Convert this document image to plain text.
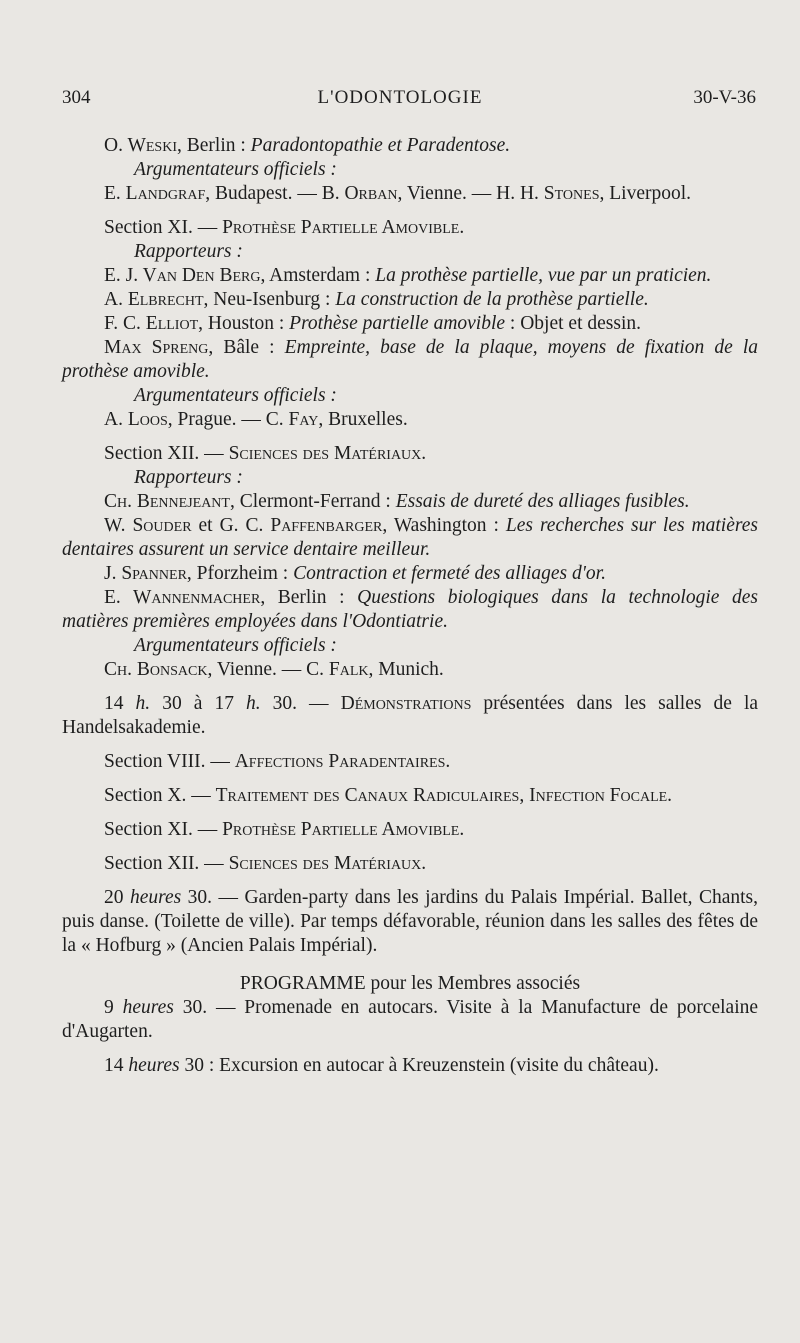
304	L'ODONTOLOGIE	30-V-36

O. Weski, Berlin : Paradontopathie et Paradentose.

Argumentateurs officiels :

E. Landgraf, Budapest. — B. Orban, Vienne. — H. H. Stones, Liverpool.

Section XI. — Prothèse Partielle Amovible.

Rapporteurs :

E. J. Van Den Berg, Amsterdam : La prothèse partielle, vue par un praticien.

A. Elbrecht, Neu-Isenburg : La construction de la prothèse partielle.

F. C. Elliot, Houston : Prothèse partielle amovible : Objet et dessin.

Max Spreng, Bâle : Empreinte, base de la plaque, moyens de fixation de la prothèse amovible.

Argumentateurs officiels :

A. Loos, Prague. — C. Fay, Bruxelles.

Section XII. — Sciences des Matériaux.

Rapporteurs :

Ch. Bennejeant, Clermont-Ferrand : Essais de dureté des alliages fusibles.

W. Souder et G. C. Paffenbarger, Washington : Les recherches sur les matières dentaires assurent un service dentaire meilleur.

J. Spanner, Pforzheim : Contraction et fermeté des alliages d'or.

E. Wannenmacher, Berlin : Questions biologiques dans la technologie des matières premières employées dans l'Odontiatrie.

Argumentateurs officiels :

Ch. Bonsack, Vienne. — C. Falk, Munich.

14 h. 30 à 17 h. 30. — Démonstrations présentées dans les salles de la Handelsakademie.

Section VIII. — Affections Paradentaires.

Section X. — Traitement des Canaux Radiculaires, Infection Focale.

Section XI. — Prothèse Partielle Amovible.

Section XII. — Sciences des Matériaux.

20 heures 30. — Garden-party dans les jardins du Palais Impérial. Ballet, Chants, puis danse. (Toilette de ville). Par temps défavorable, réunion dans les salles des fêtes de la « Hofburg » (Ancien Palais Impérial).

PROGRAMME pour les Membres associés

9 heures 30. — Promenade en autocars. Visite à la Manufacture de porcelaine d'Augarten.

14 heures 30 : Excursion en autocar à Kreuzenstein (visite du château).
